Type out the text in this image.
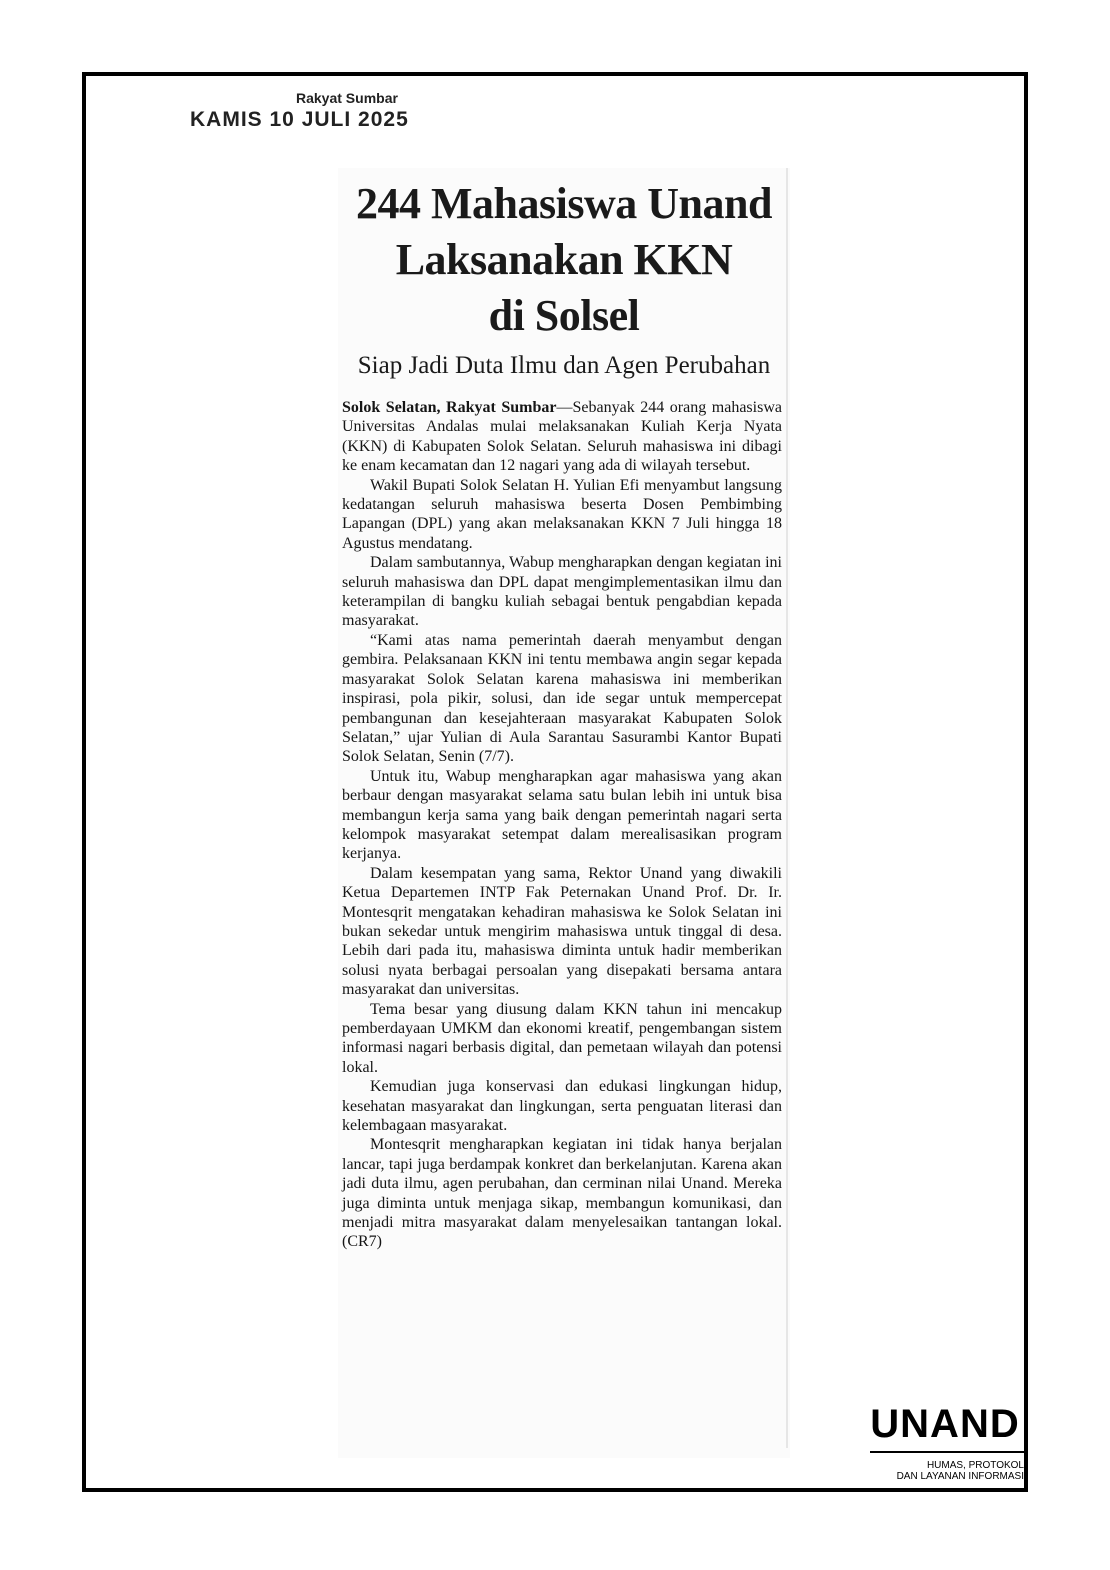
Rakyat Sumbar
KAMIS 10 JULI 2025
244 Mahasiswa Unand
Laksanakan KKN
di Solsel
Siap Jadi Duta Ilmu dan Agen Perubahan

Solok Selatan, Rakyat Sumbar—Sebanyak 244 orang mahasiswa Universitas Andalas mulai melaksanakan Kuliah Kerja Nyata (KKN) di Kabupaten Solok Selatan. Seluruh mahasiswa ini dibagi ke enam kecamatan dan 12 nagari yang ada di wilayah tersebut.

Wakil Bupati Solok Selatan H. Yulian Efi menyambut langsung kedatangan seluruh mahasiswa beserta Dosen Pembimbing Lapangan (DPL) yang akan melaksanakan KKN 7 Juli hingga 18 Agustus mendatang.

Dalam sambutannya, Wabup mengharapkan dengan kegiatan ini seluruh mahasiswa dan DPL dapat mengimplementasikan ilmu dan keterampilan di bangku kuliah sebagai bentuk pengabdian kepada masyarakat.

“Kami atas nama pemerintah daerah menyambut dengan gembira. Pelaksanaan KKN ini tentu membawa angin segar kepada masyarakat Solok Selatan karena mahasiswa ini memberikan inspirasi, pola pikir, solusi, dan ide segar untuk mempercepat pembangunan dan kesejahteraan masyarakat Kabupaten Solok Selatan,” ujar Yulian di Aula Sarantau Sasurambi Kantor Bupati Solok Selatan, Senin (7/7).

Untuk itu, Wabup mengharapkan agar mahasiswa yang akan berbaur dengan masyarakat selama satu bulan lebih ini untuk bisa membangun kerja sama yang baik dengan pemerintah nagari serta kelompok masyarakat setempat dalam merealisasikan program kerjanya.

Dalam kesempatan yang sama, Rektor Unand yang diwakili Ketua Departemen INTP Fak Peternakan Unand Prof. Dr. Ir. Montesqrit mengatakan kehadiran mahasiswa ke Solok Selatan ini bukan sekedar untuk mengirim mahasiswa untuk tinggal di desa. Lebih dari pada itu, mahasiswa diminta untuk hadir memberikan solusi nyata berbagai persoalan yang disepakati bersama antara masyarakat dan universitas.

Tema besar yang diusung dalam KKN tahun ini mencakup pemberdayaan UMKM dan ekonomi kreatif, pengembangan sistem informasi nagari berbasis digital, dan pemetaan wilayah dan potensi lokal.

Kemudian juga konservasi dan edukasi lingkungan hidup, kesehatan masyarakat dan lingkungan, serta penguatan literasi dan kelembagaan masyarakat.

Montesqrit mengharapkan kegiatan ini tidak hanya berjalan lancar, tapi juga berdampak konkret dan berkelanjutan. Karena akan jadi duta ilmu, agen perubahan, dan cerminan nilai Unand. Mereka juga diminta untuk menjaga sikap, membangun komunikasi, dan menjadi mitra masyarakat dalam menyelesaikan tantangan lokal. (CR7)

UNAND
HUMAS, PROTOKOL
DAN LAYANAN INFORMASI
